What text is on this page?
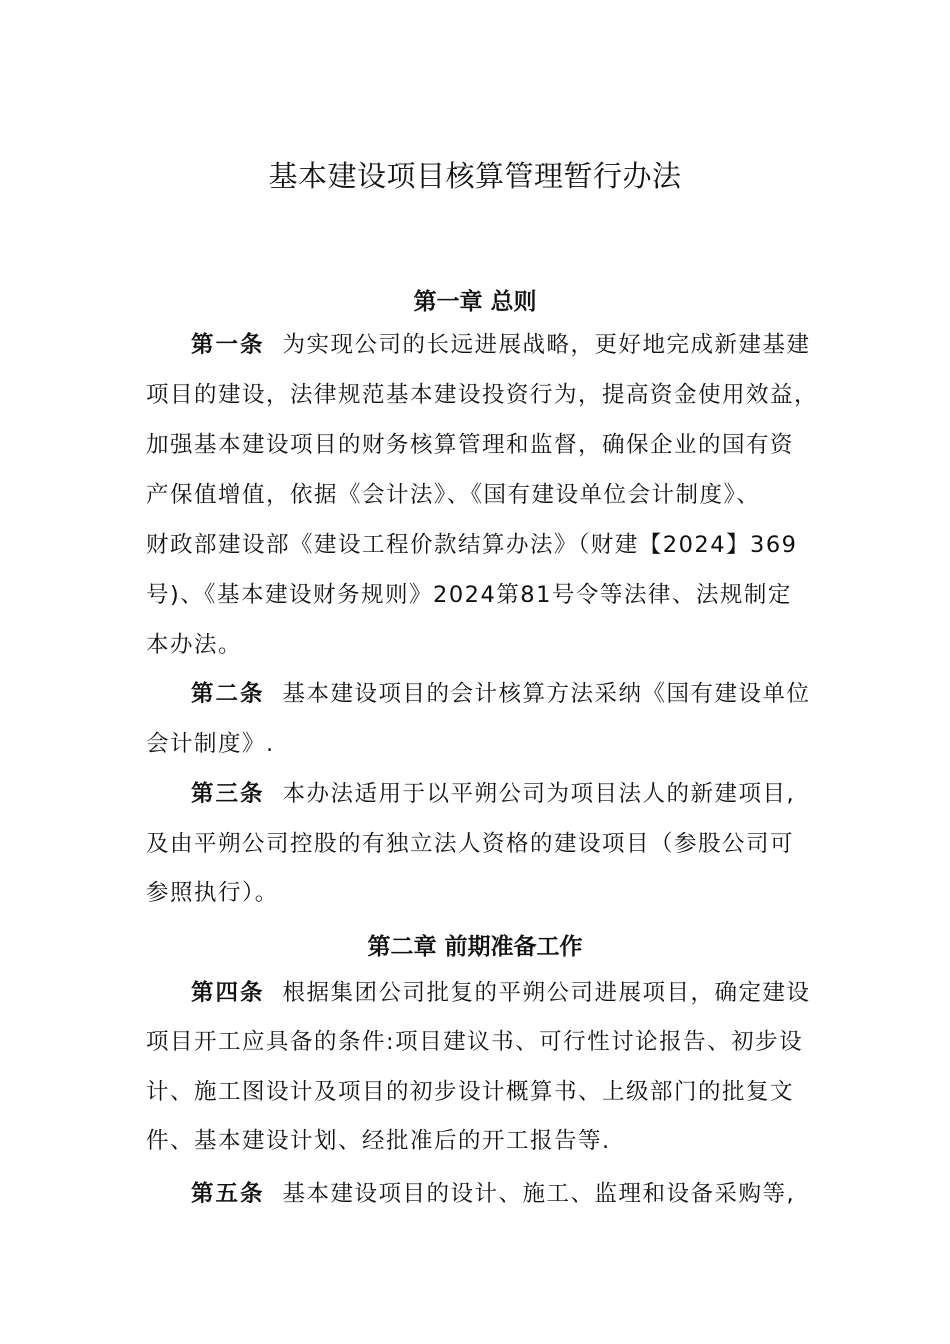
基本建设项目核算管理暂行办法
第一章 总则
第一条 为实现公司的长远进展战略，更好地完成新建基建
项目的建设，法律规范基本建设投资行为，提高资金使用效益，
加强基本建设项目的财务核算管理和监督，确保企业的国有资
产保值增值，依据《会计法》、《国有建设单位会计制度》、
财政部建设部《建设工程价款结算办法》（财建【2024】369
号)、《基本建设财务规则》2024第81号令等法律、法规制定
本办法。
第二条 基本建设项目的会计核算方法采纳《国有建设单位
会计制度》.
第三条 本办法适用于以平朔公司为项目法人的新建项目,
及由平朔公司控股的有独立法人资格的建设项目（参股公司可
参照执行）。
第二章 前期准备工作
第四条 根据集团公司批复的平朔公司进展项目，确定建设
项目开工应具备的条件:项目建议书、可行性讨论报告、初步设
计、施工图设计及项目的初步设计概算书、上级部门的批复文
件、基本建设计划、经批准后的开工报告等.
第五条 基本建设项目的设计、施工、监理和设备采购等,
